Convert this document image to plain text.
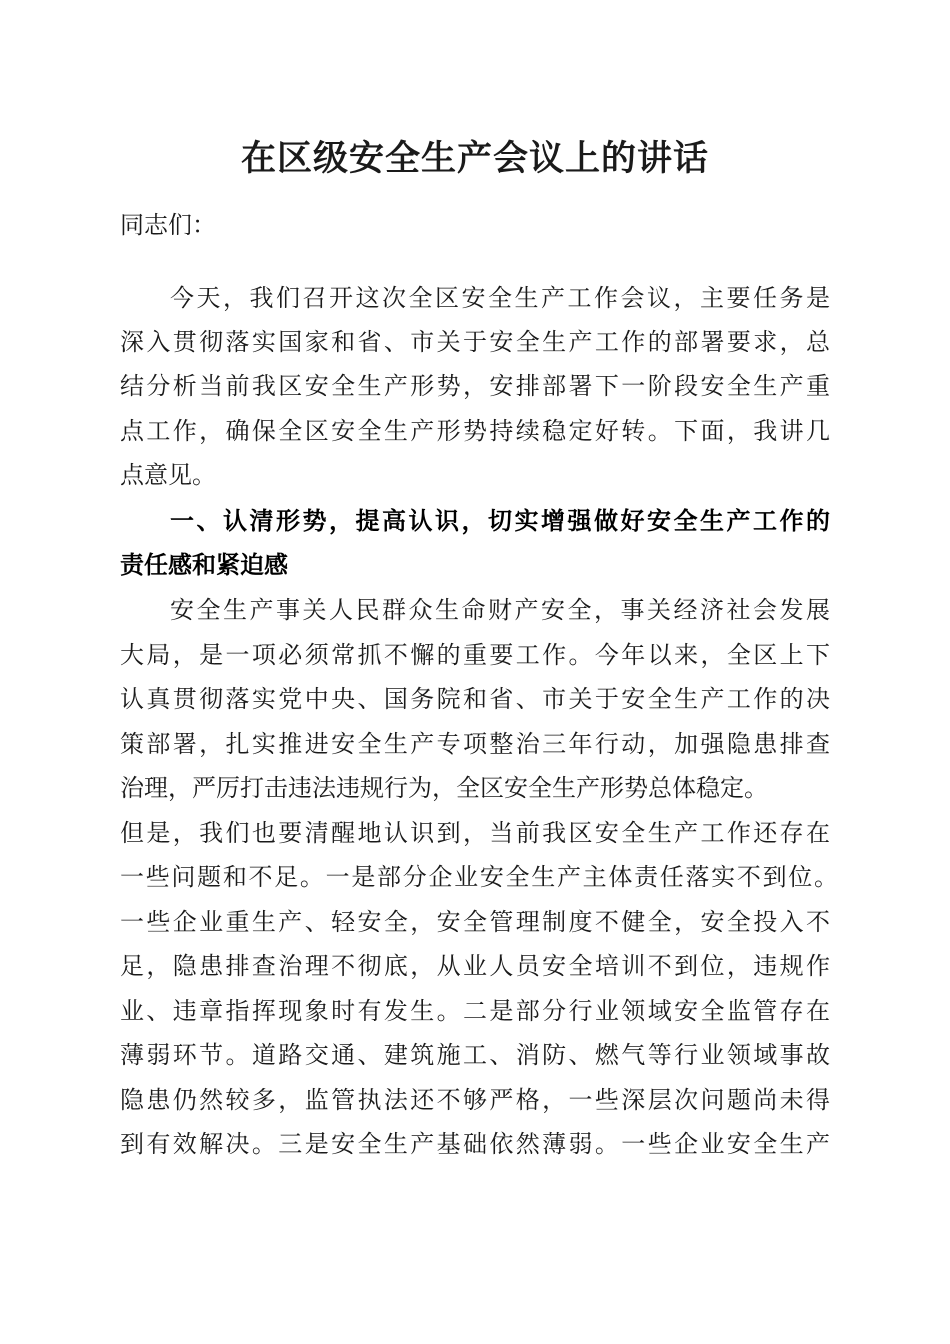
在区级安全生产会议上的讲话
同志们：
今天，我们召开这次全区安全生产工作会议，主要任务是
深入贯彻落实国家和省、市关于安全生产工作的部署要求，总
结分析当前我区安全生产形势，安排部署下一阶段安全生产重
点工作，确保全区安全生产形势持续稳定好转。下面，我讲几
点意见。
一、认清形势，提高认识，切实增强做好安全生产工作的
责任感和紧迫感
安全生产事关人民群众生命财产安全，事关经济社会发展
大局，是一项必须常抓不懈的重要工作。今年以来，全区上下
认真贯彻落实党中央、国务院和省、市关于安全生产工作的决
策部署，扎实推进安全生产专项整治三年行动，加强隐患排查
治理，严厉打击违法违规行为，全区安全生产形势总体稳定。
但是，我们也要清醒地认识到，当前我区安全生产工作还存在
一些问题和不足。一是部分企业安全生产主体责任落实不到位。
一些企业重生产、轻安全，安全管理制度不健全，安全投入不
足，隐患排查治理不彻底，从业人员安全培训不到位，违规作
业、违章指挥现象时有发生。二是部分行业领域安全监管存在
薄弱环节。道路交通、建筑施工、消防、燃气等行业领域事故
隐患仍然较多，监管执法还不够严格，一些深层次问题尚未得
到有效解决。三是安全生产基础依然薄弱。一些企业安全生产
